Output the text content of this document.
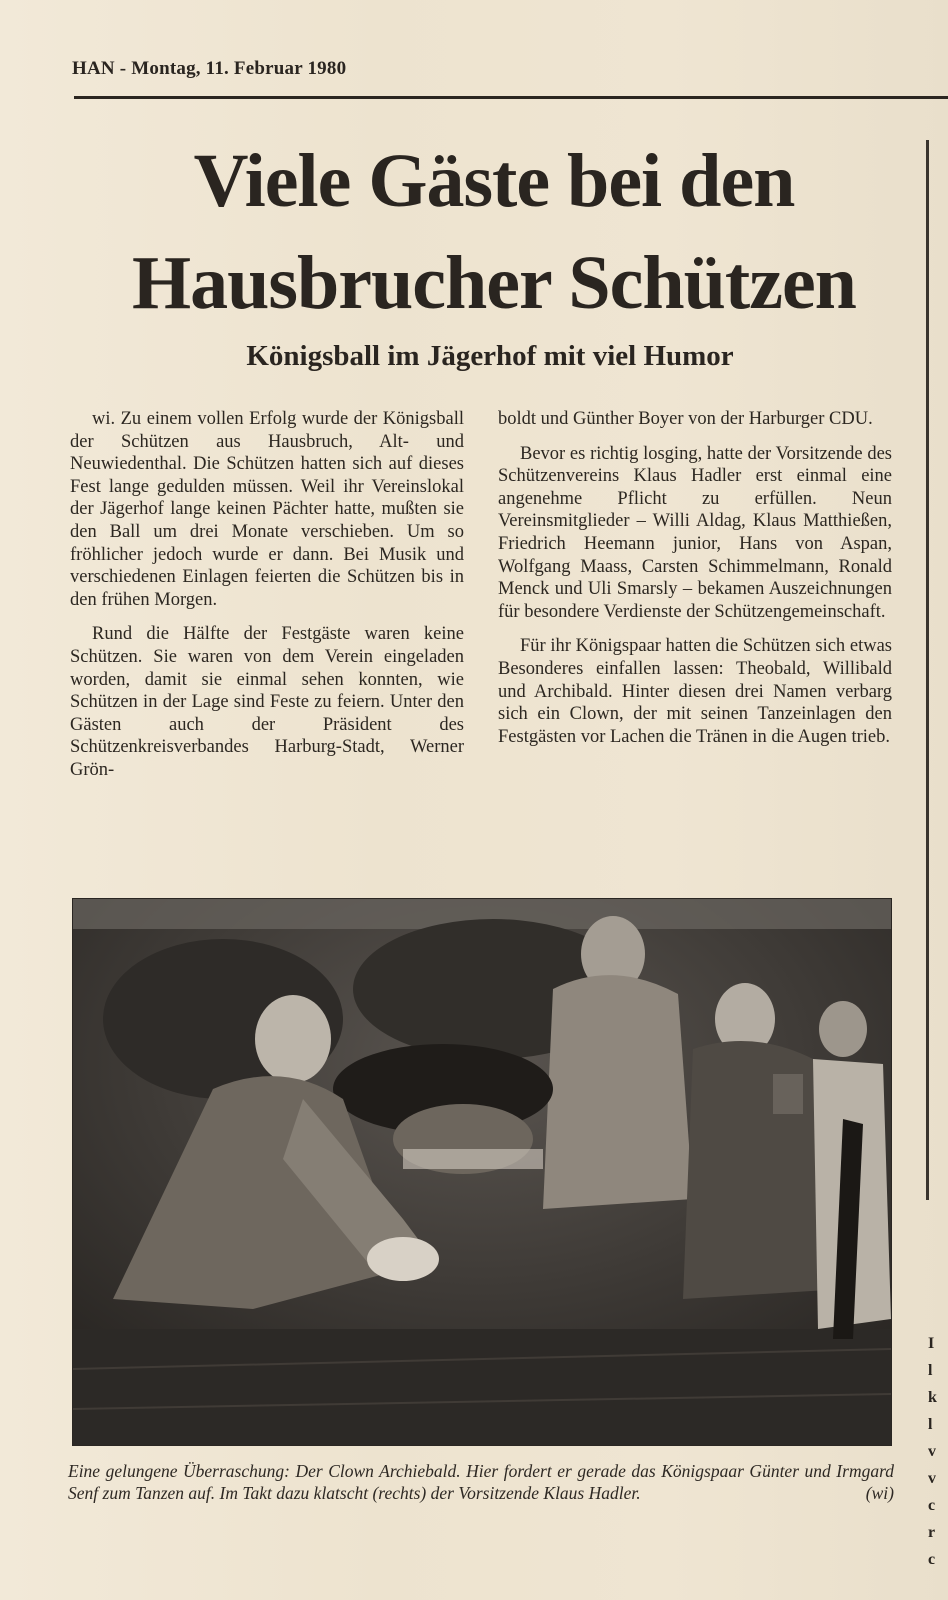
HAN - Montag, 11. Februar 1980
Viele Gäste bei den
Hausbrucher Schützen
Königsball im Jägerhof mit viel Humor

wi. Zu einem vollen Erfolg wurde der Königsball der Schützen aus Hausbruch, Alt- und Neuwiedenthal. Die Schützen hatten sich auf dieses Fest lange gedulden müssen. Weil ihr Vereinslokal der Jägerhof lange keinen Pächter hatte, mußten sie den Ball um drei Monate verschieben. Um so fröhlicher jedoch wurde er dann. Bei Musik und verschiedenen Einlagen feierten die Schützen bis in den frühen Morgen.

Rund die Hälfte der Festgäste waren keine Schützen. Sie waren von dem Verein eingeladen worden, damit sie einmal sehen konnten, wie Schützen in der Lage sind Feste zu feiern. Unter den Gästen auch der Präsident des Schützenkreisverbandes Harburg-Stadt, Werner Grön-

boldt und Günther Boyer von der Harburger CDU.

Bevor es richtig losging, hatte der Vorsitzende des Schützenvereins Klaus Hadler erst einmal eine angenehme Pflicht zu erfüllen. Neun Vereinsmitglieder – Willi Aldag, Klaus Matthießen, Friedrich Heemann junior, Hans von Aspan, Wolfgang Maass, Carsten Schimmelmann, Ronald Menck und Uli Smarsly – bekamen Auszeichnungen für besondere Verdienste der Schützengemeinschaft.

Für ihr Königspaar hatten die Schützen sich etwas Besonderes einfallen lassen: Theobald, Willibald und Archibald. Hinter diesen drei Namen verbarg sich ein Clown, der mit seinen Tanzeinlagen den Festgästen vor Lachen die Tränen in die Augen trieb.

Eine gelungene Überraschung: Der Clown Archiebald. Hier fordert er gerade das Königspaar Günter und Irmgard Senf zum Tanzen auf. Im Takt dazu klatscht (rechts) der Vorsitzende Klaus Hadler.	(wi)
I
l
k
l
v
v
c
r
c
